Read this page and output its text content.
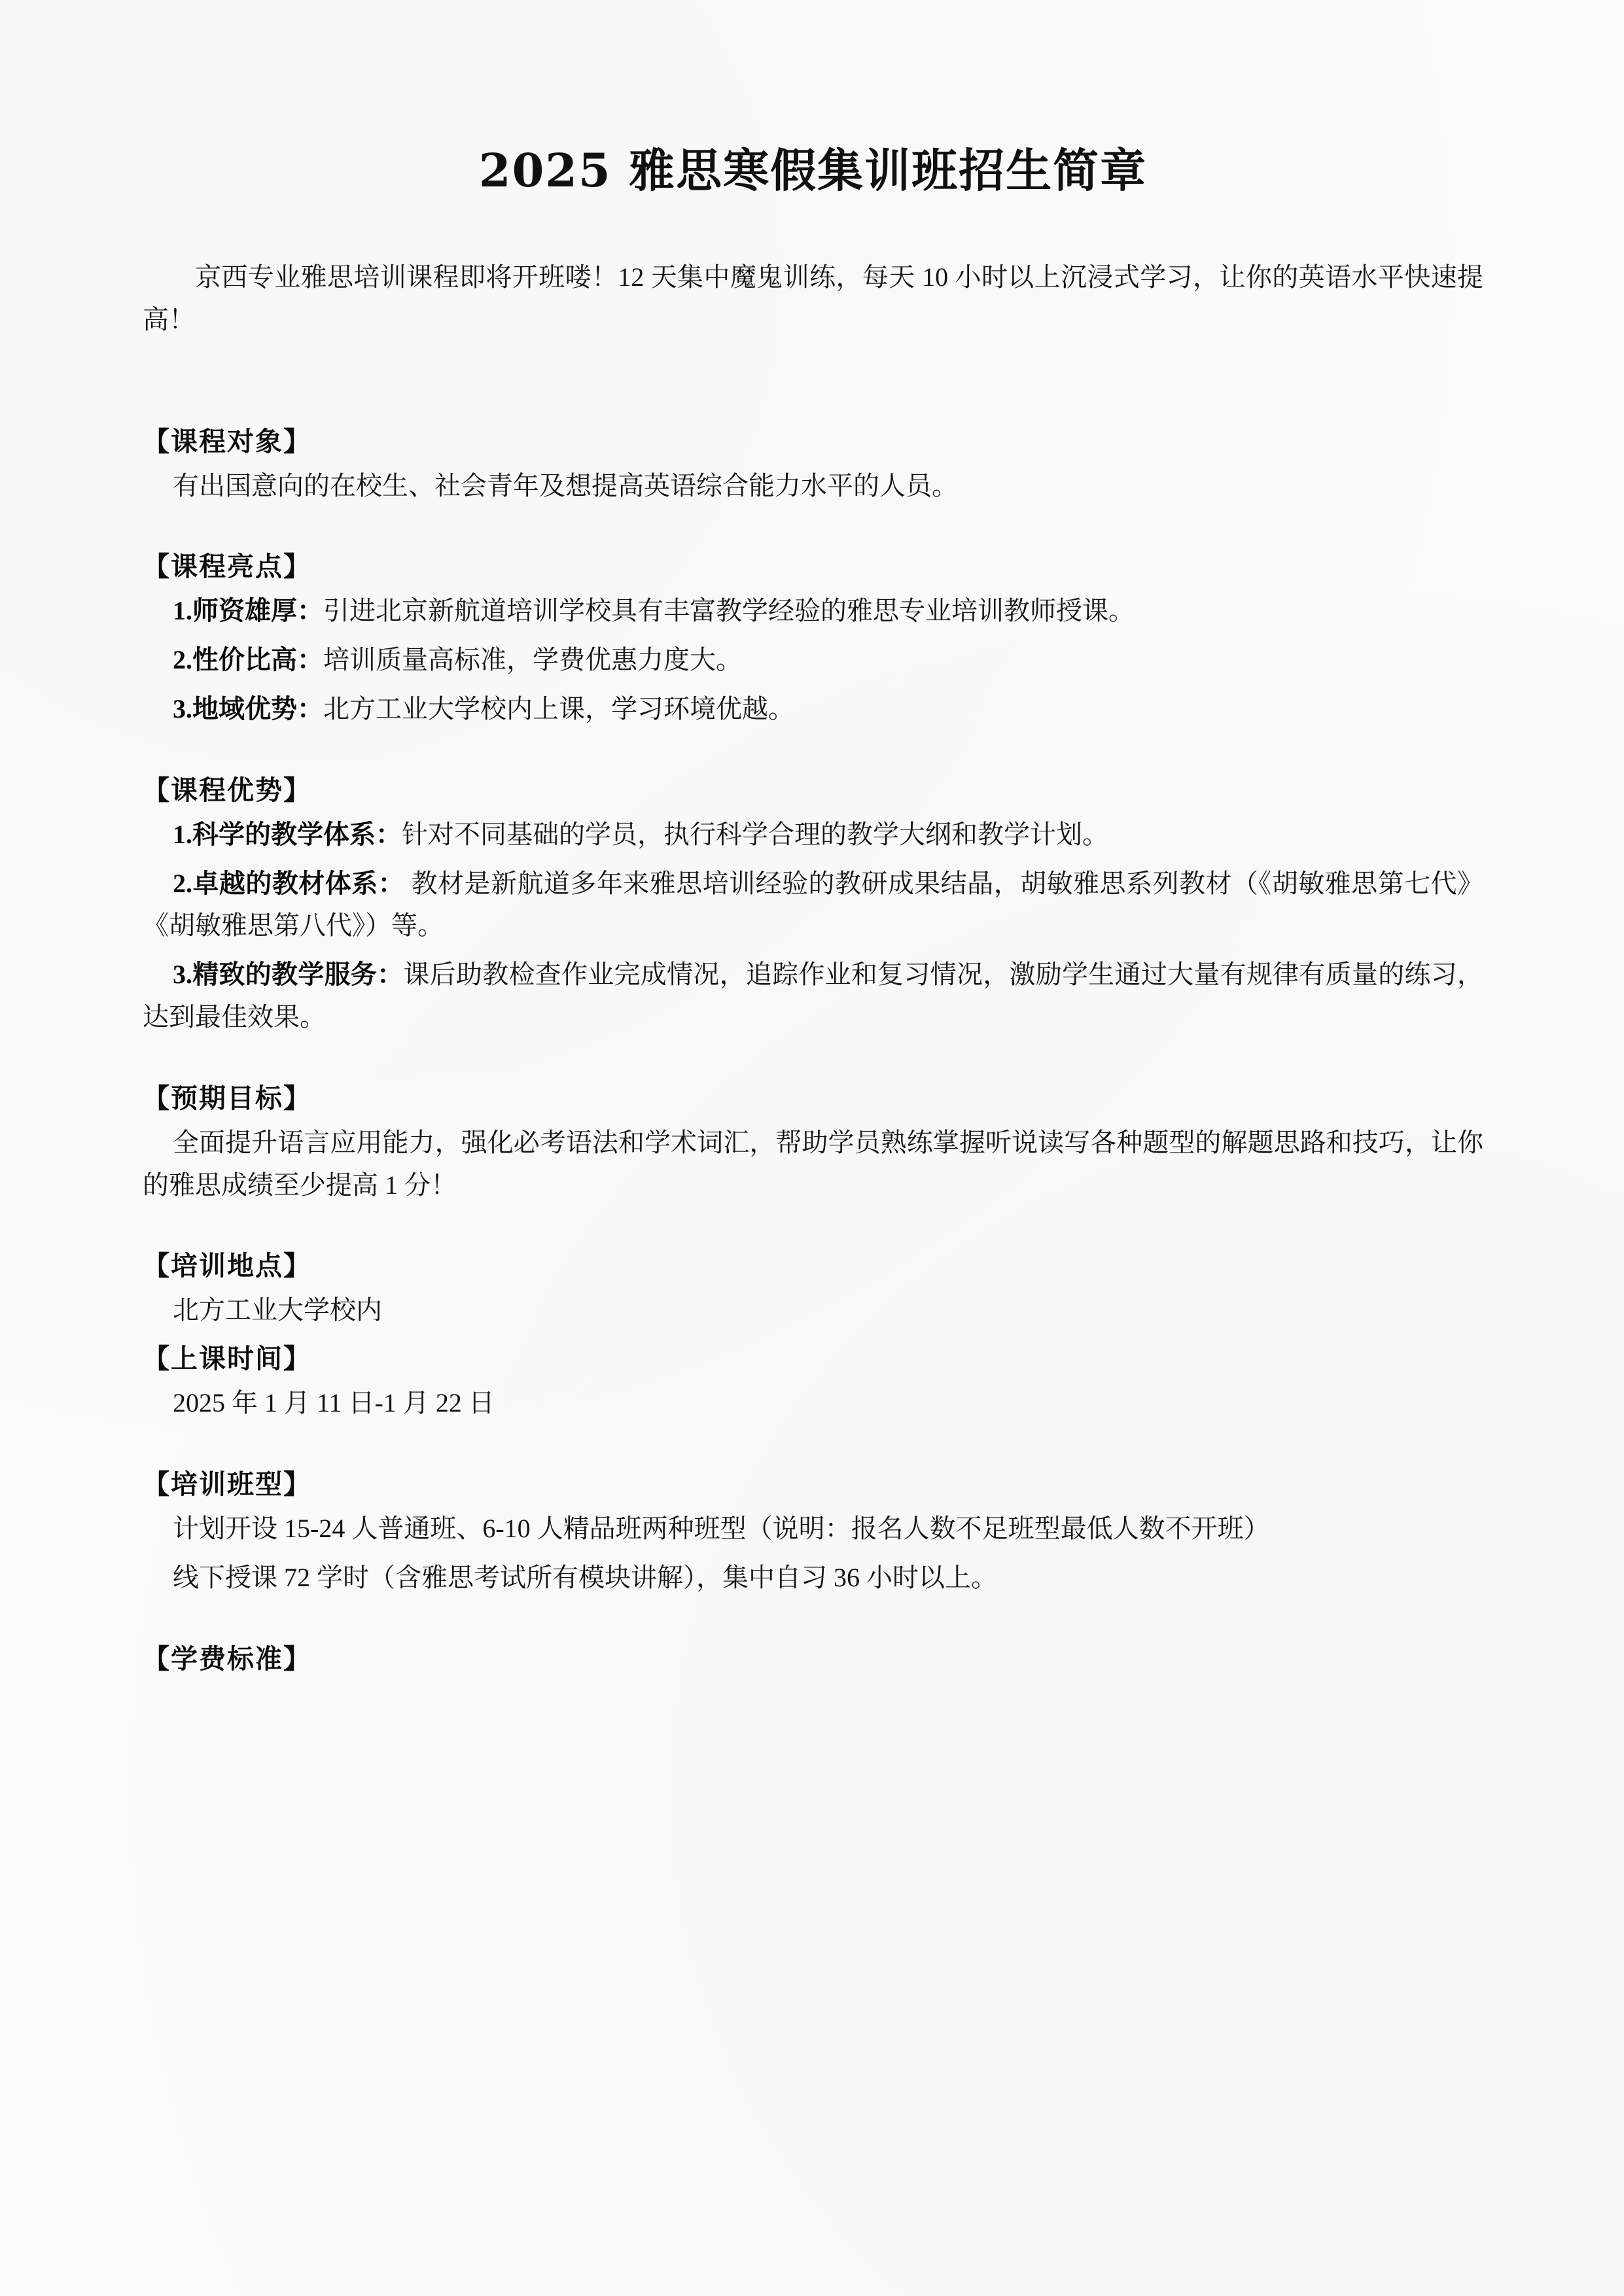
2025 雅思寒假集训班招生简章

京西专业雅思培训课程即将开班喽！12 天集中魔鬼训练，每天 10 小时以上沉浸式学习，让你的英语水平快速提高！

【课程对象】

有出国意向的在校生、社会青年及想提高英语综合能力水平的人员。

【课程亮点】

1.师资雄厚：引进北京新航道培训学校具有丰富教学经验的雅思专业培训教师授课。

2.性价比高：培训质量高标准，学费优惠力度大。

3.地域优势：北方工业大学校内上课，学习环境优越。

【课程优势】

1.科学的教学体系：针对不同基础的学员，执行科学合理的教学大纲和教学计划。

2.卓越的教材体系： 教材是新航道多年来雅思培训经验的教研成果结晶，胡敏雅思系列教材（《胡敏雅思第七代》《胡敏雅思第八代》）等。

3.精致的教学服务：课后助教检查作业完成情况，追踪作业和复习情况，激励学生通过大量有规律有质量的练习，达到最佳效果。

【预期目标】

全面提升语言应用能力，强化必考语法和学术词汇，帮助学员熟练掌握听说读写各种题型的解题思路和技巧，让你的雅思成绩至少提高 1 分！

【培训地点】

北方工业大学校内

【上课时间】

2025 年 1 月 11 日-1 月 22 日

【培训班型】

计划开设 15-24 人普通班、6-10 人精品班两种班型（说明：报名人数不足班型最低人数不开班）

线下授课 72 学时（含雅思考试所有模块讲解），集中自习 36 小时以上。

【学费标准】
